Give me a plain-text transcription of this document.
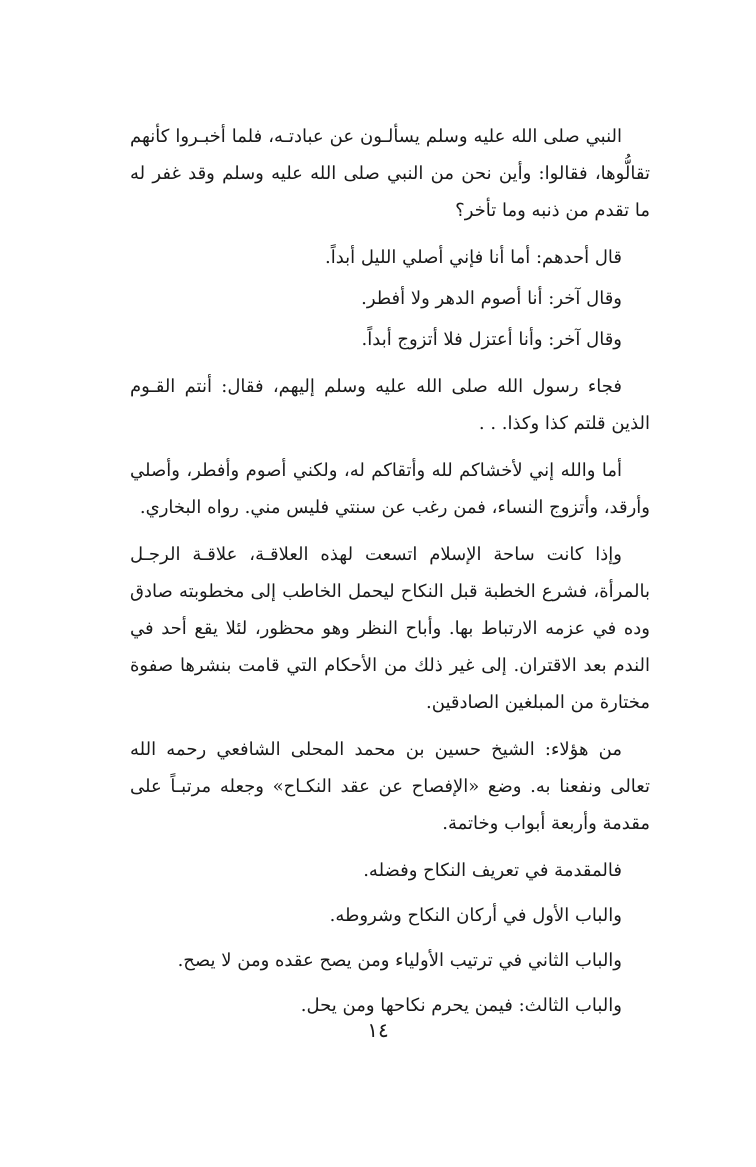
النبي صلى الله عليه وسلم يسألـون عن عبادتـه، فلما أخبـروا كأنهم تقالُّوها، فقالوا: وأين نحن من النبي صلى الله عليه وسلم وقد غفر له ما تقدم من ذنبه وما تأخر؟

قال أحدهم: أما أنا فإني أصلي الليل أبداً.

وقال آخر: أنا أصوم الدهر ولا أفطر.

وقال آخر: وأنا أعتزل فلا أتزوج أبداً.

فجاء رسول الله صلى الله عليه وسلم إليهم، فقال: أنتم القـوم الذين قلتم كذا وكذا. . .

أما والله إني لأخشاكم لله وأتقاكم له، ولكني أصوم وأفطر، وأصلي وأرقد، وأتزوج النساء، فمن رغب عن سنتي فليس مني. رواه البخاري.

وإذا كانت ساحة الإسلام اتسعت لهذه العلاقـة، علاقـة الرجـل بالمرأة، فشرع الخطبة قبل النكاح ليحمل الخاطب إلى مخطوبته صادق وده في عزمه الارتباط بها. وأباح النظر وهو محظور، لئلا يقع أحد في الندم بعد الاقتران. إلى غير ذلك من الأحكام التي قامت بنشرها صفوة مختارة من المبلغين الصادقين.

من هؤلاء: الشيخ حسين بن محمد المحلى الشافعي رحمه الله تعالى ونفعنا به. وضع «الإفصاح عن عقد النكـاح» وجعله مرتبـاً على مقدمة وأربعة أبواب وخاتمة.

فالمقدمة في تعريف النكاح وفضله.
والباب الأول في أركان النكاح وشروطه.
والباب الثاني في ترتيب الأولياء ومن يصح عقده ومن لا يصح.
والباب الثالث: فيمن يحرم نكاحها ومن يحل.
١٤
